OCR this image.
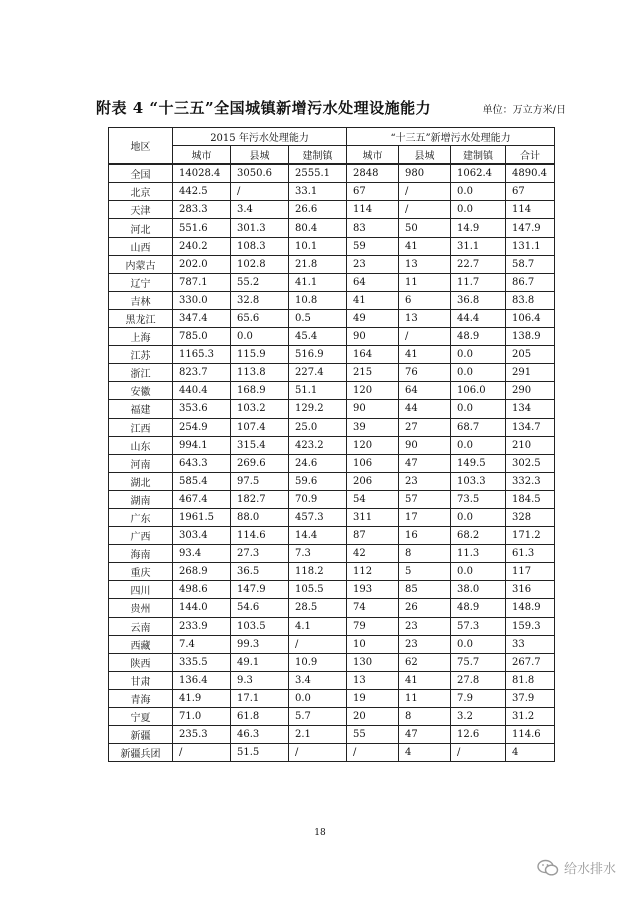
附表 4 “十三五”全国城镇新增污水处理设施能力	单位：万立方米/日
地区	2015 年污水处理能力			“十三五”新增污水处理能力			
	城市	县城	建制镇	城市	县城	建制镇	合计
全国	14028.4	3050.6	2555.1	2848	980	1062.4	4890.4
北京	442.5	/	33.1	67	/	0.0	67
天津	283.3	3.4	26.6	114	/	0.0	114
河北	551.6	301.3	80.4	83	50	14.9	147.9
山西	240.2	108.3	10.1	59	41	31.1	131.1
内蒙古	202.0	102.8	21.8	23	13	22.7	58.7
辽宁	787.1	55.2	41.1	64	11	11.7	86.7
吉林	330.0	32.8	10.8	41	6	36.8	83.8
黑龙江	347.4	65.6	0.5	49	13	44.4	106.4
上海	785.0	0.0	45.4	90	/	48.9	138.9
江苏	1165.3	115.9	516.9	164	41	0.0	205
浙江	823.7	113.8	227.4	215	76	0.0	291
安徽	440.4	168.9	51.1	120	64	106.0	290
福建	353.6	103.2	129.2	90	44	0.0	134
江西	254.9	107.4	25.0	39	27	68.7	134.7
山东	994.1	315.4	423.2	120	90	0.0	210
河南	643.3	269.6	24.6	106	47	149.5	302.5
湖北	585.4	97.5	59.6	206	23	103.3	332.3
湖南	467.4	182.7	70.9	54	57	73.5	184.5
广东	1961.5	88.0	457.3	311	17	0.0	328
广西	303.4	114.6	14.4	87	16	68.2	171.2
海南	93.4	27.3	7.3	42	8	11.3	61.3
重庆	268.9	36.5	118.2	112	5	0.0	117
四川	498.6	147.9	105.5	193	85	38.0	316
贵州	144.0	54.6	28.5	74	26	48.9	148.9
云南	233.9	103.5	4.1	79	23	57.3	159.3
西藏	7.4	99.3	/	10	23	0.0	33
陕西	335.5	49.1	10.9	130	62	75.7	267.7
甘肃	136.4	9.3	3.4	13	41	27.8	81.8
青海	41.9	17.1	0.0	19	11	7.9	37.9
宁夏	71.0	61.8	5.7	20	8	3.2	31.2
新疆	235.3	46.3	2.1	55	47	12.6	114.6
新疆兵团	/	51.5	/	/	4	/	4
18
给水排水
